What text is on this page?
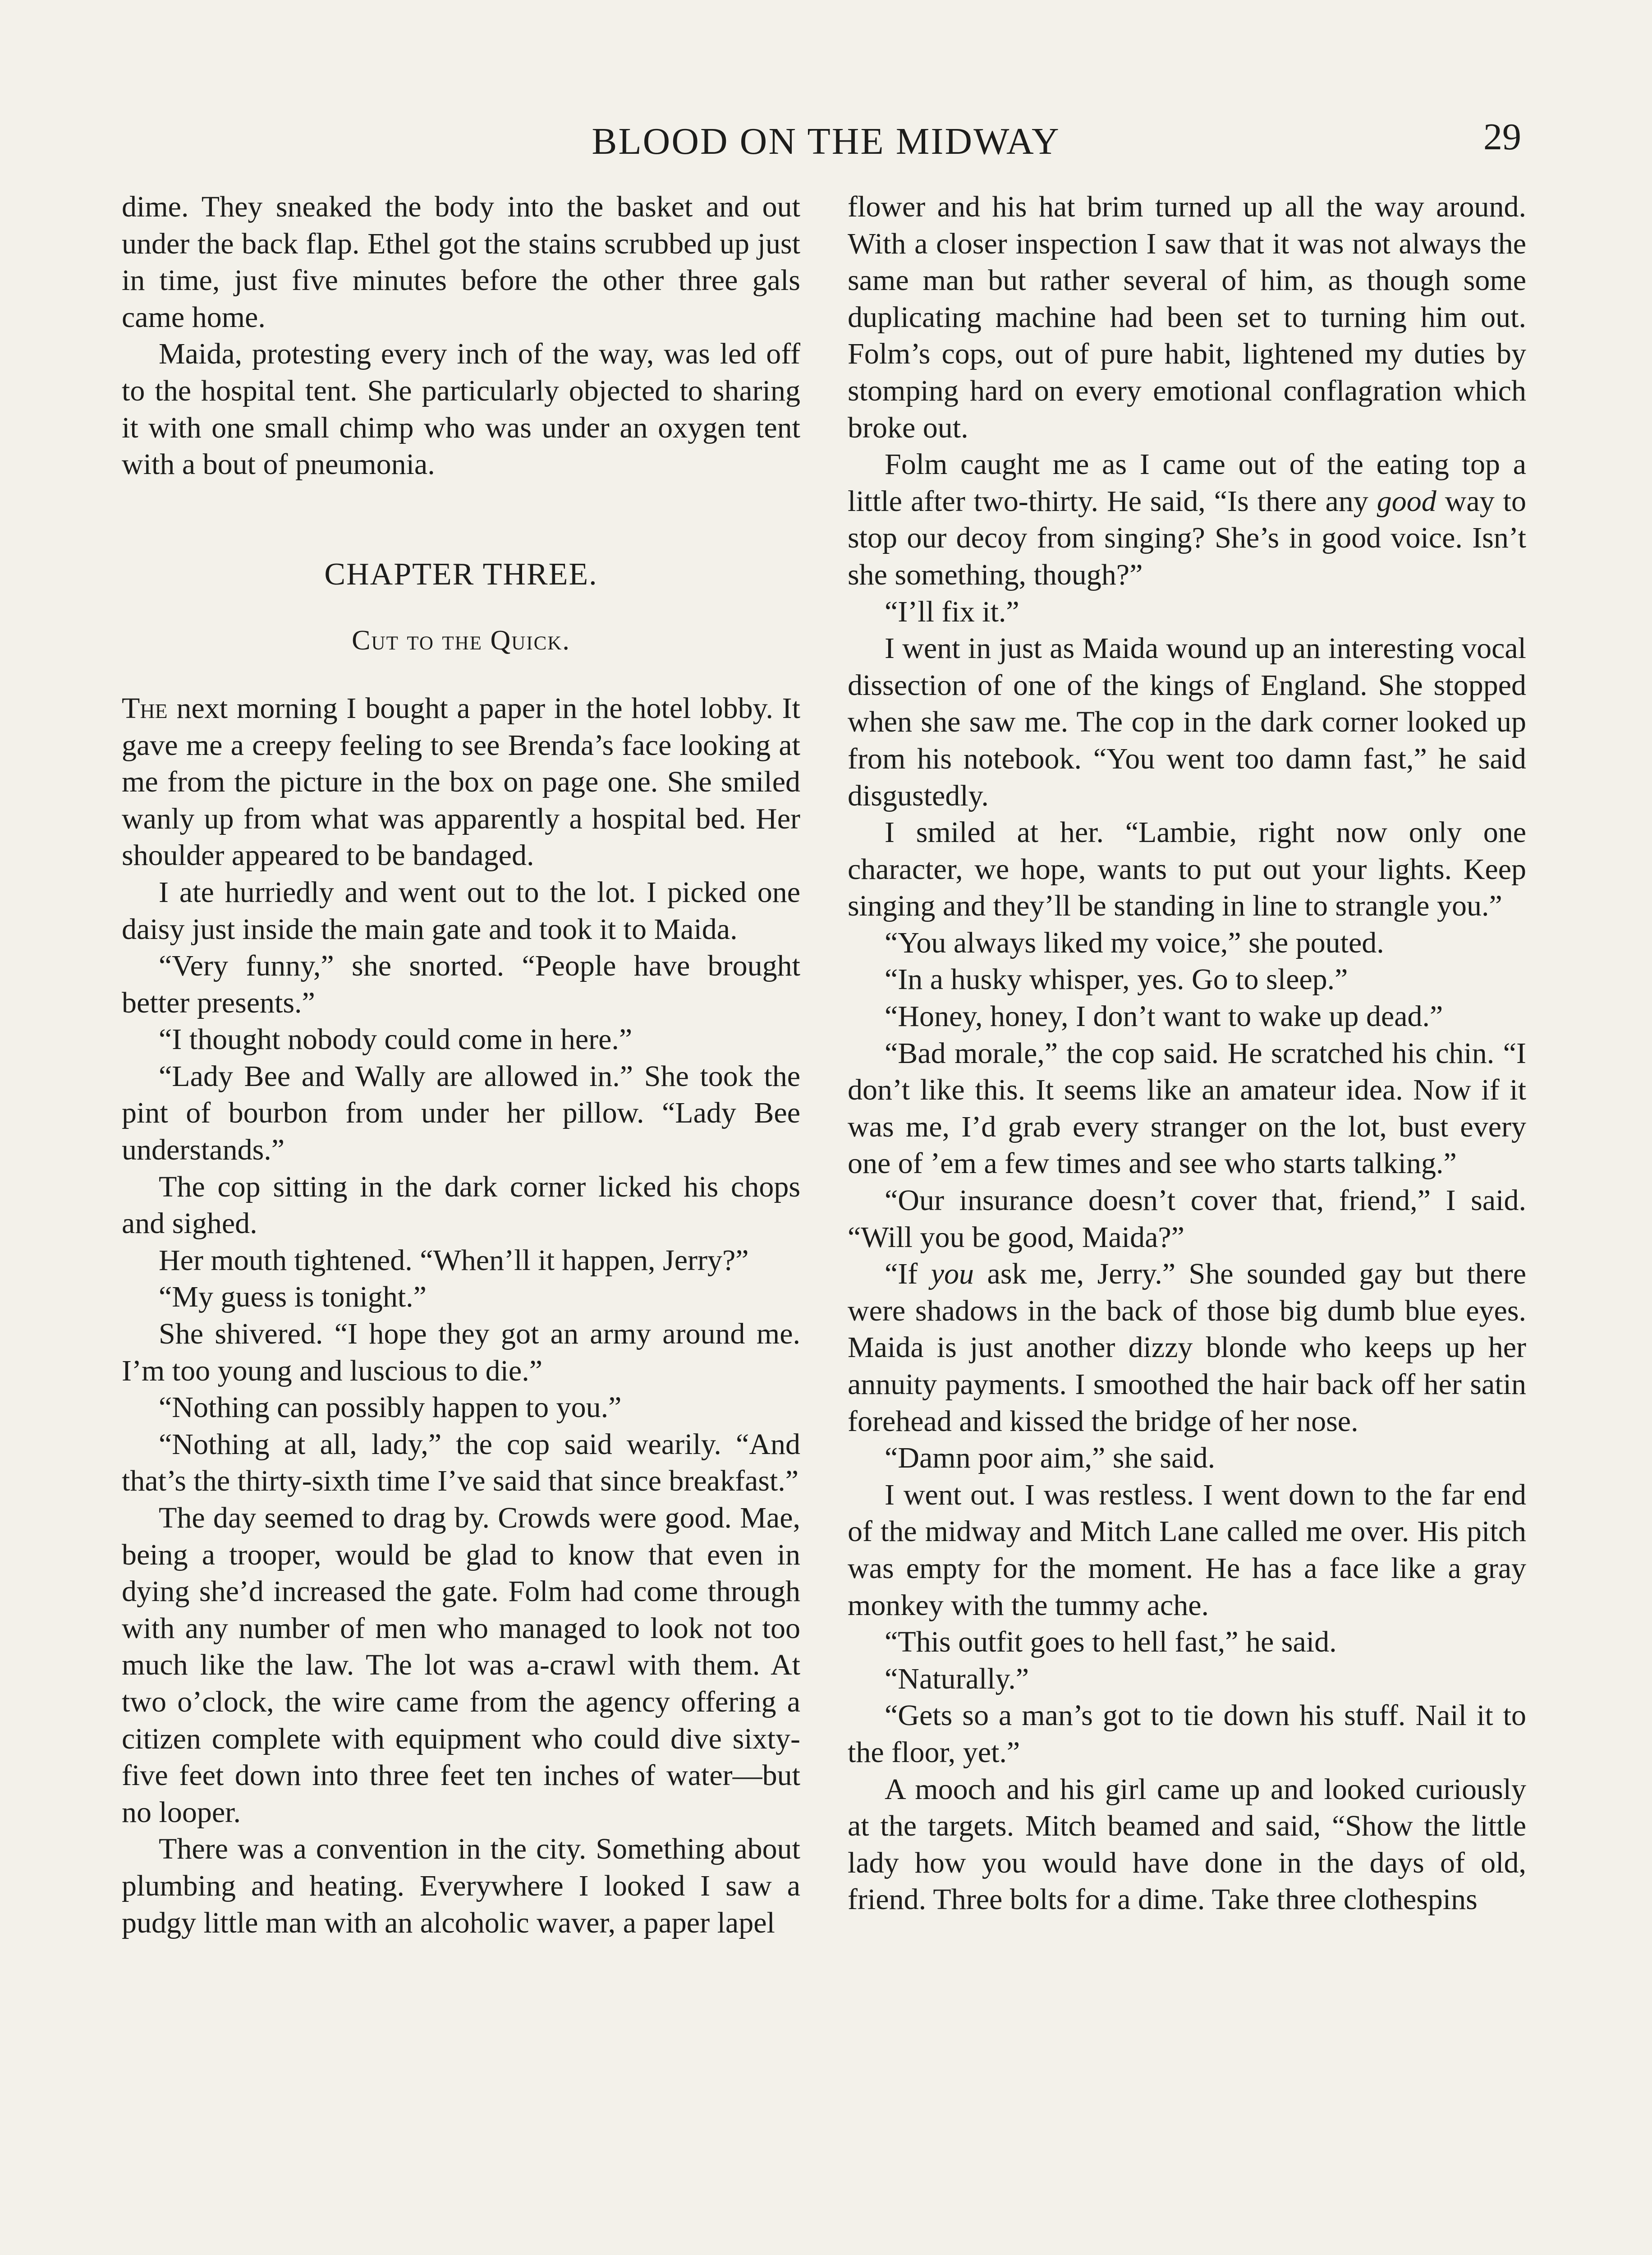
BLOOD ON THE MIDWAY	29

dime. They sneaked the body into the basket and out under the back flap. Ethel got the stains scrubbed up just in time, just five minutes before the other three gals came home.

Maida, protesting every inch of the way, was led off to the hospital tent. She particularly objected to sharing it with one small chimp who was under an oxygen tent with a bout of pneumonia.

CHAPTER THREE.
Cut to the Quick.

The next morning I bought a paper in the hotel lobby. It gave me a creepy feeling to see Brenda’s face looking at me from the picture in the box on page one. She smiled wanly up from what was apparently a hospital bed. Her shoulder appeared to be bandaged.

I ate hurriedly and went out to the lot. I picked one daisy just inside the main gate and took it to Maida.

“Very funny,” she snorted. “People have brought better presents.”

“I thought nobody could come in here.”

“Lady Bee and Wally are allowed in.” She took the pint of bourbon from under her pillow. “Lady Bee understands.”

The cop sitting in the dark corner licked his chops and sighed.

Her mouth tightened. “When’ll it happen, Jerry?”

“My guess is tonight.”

She shivered. “I hope they got an army around me. I’m too young and luscious to die.”

“Nothing can possibly happen to you.”

“Nothing at all, lady,” the cop said wearily. “And that’s the thirty-sixth time I’ve said that since breakfast.”

The day seemed to drag by. Crowds were good. Mae, being a trooper, would be glad to know that even in dying she’d increased the gate. Folm had come through with any number of men who managed to look not too much like the law. The lot was a-crawl with them. At two o’clock, the wire came from the agency offering a citizen complete with equipment who could dive sixty-five feet down into three feet ten inches of water—but no looper.

There was a convention in the city. Something about plumbing and heating. Everywhere I looked I saw a pudgy little man with an alcoholic waver, a paper lapel

flower and his hat brim turned up all the way around. With a closer inspection I saw that it was not always the same man but rather several of him, as though some duplicating machine had been set to turning him out. Folm’s cops, out of pure habit, lightened my duties by stomping hard on every emotional conflagration which broke out.

Folm caught me as I came out of the eating top a little after two-thirty. He said, “Is there any good way to stop our decoy from singing? She’s in good voice. Isn’t she something, though?”

“I’ll fix it.”

I went in just as Maida wound up an interesting vocal dissection of one of the kings of England. She stopped when she saw me. The cop in the dark corner looked up from his notebook. “You went too damn fast,” he said disgustedly.

I smiled at her. “Lambie, right now only one character, we hope, wants to put out your lights. Keep singing and they’ll be standing in line to strangle you.”

“You always liked my voice,” she pouted.

“In a husky whisper, yes. Go to sleep.”

“Honey, honey, I don’t want to wake up dead.”

“Bad morale,” the cop said. He scratched his chin. “I don’t like this. It seems like an amateur idea. Now if it was me, I’d grab every stranger on the lot, bust every one of ’em a few times and see who starts talking.”

“Our insurance doesn’t cover that, friend,” I said. “Will you be good, Maida?”

“If you ask me, Jerry.” She sounded gay but there were shadows in the back of those big dumb blue eyes. Maida is just another dizzy blonde who keeps up her annuity payments. I smoothed the hair back off her satin forehead and kissed the bridge of her nose.

“Damn poor aim,” she said.

I went out. I was restless. I went down to the far end of the midway and Mitch Lane called me over. His pitch was empty for the moment. He has a face like a gray monkey with the tummy ache.

“This outfit goes to hell fast,” he said.

“Naturally.”

“Gets so a man’s got to tie down his stuff. Nail it to the floor, yet.”

A mooch and his girl came up and looked curiously at the targets. Mitch beamed and said, “Show the little lady how you would have done in the days of old, friend. Three bolts for a dime. Take three clothespins
